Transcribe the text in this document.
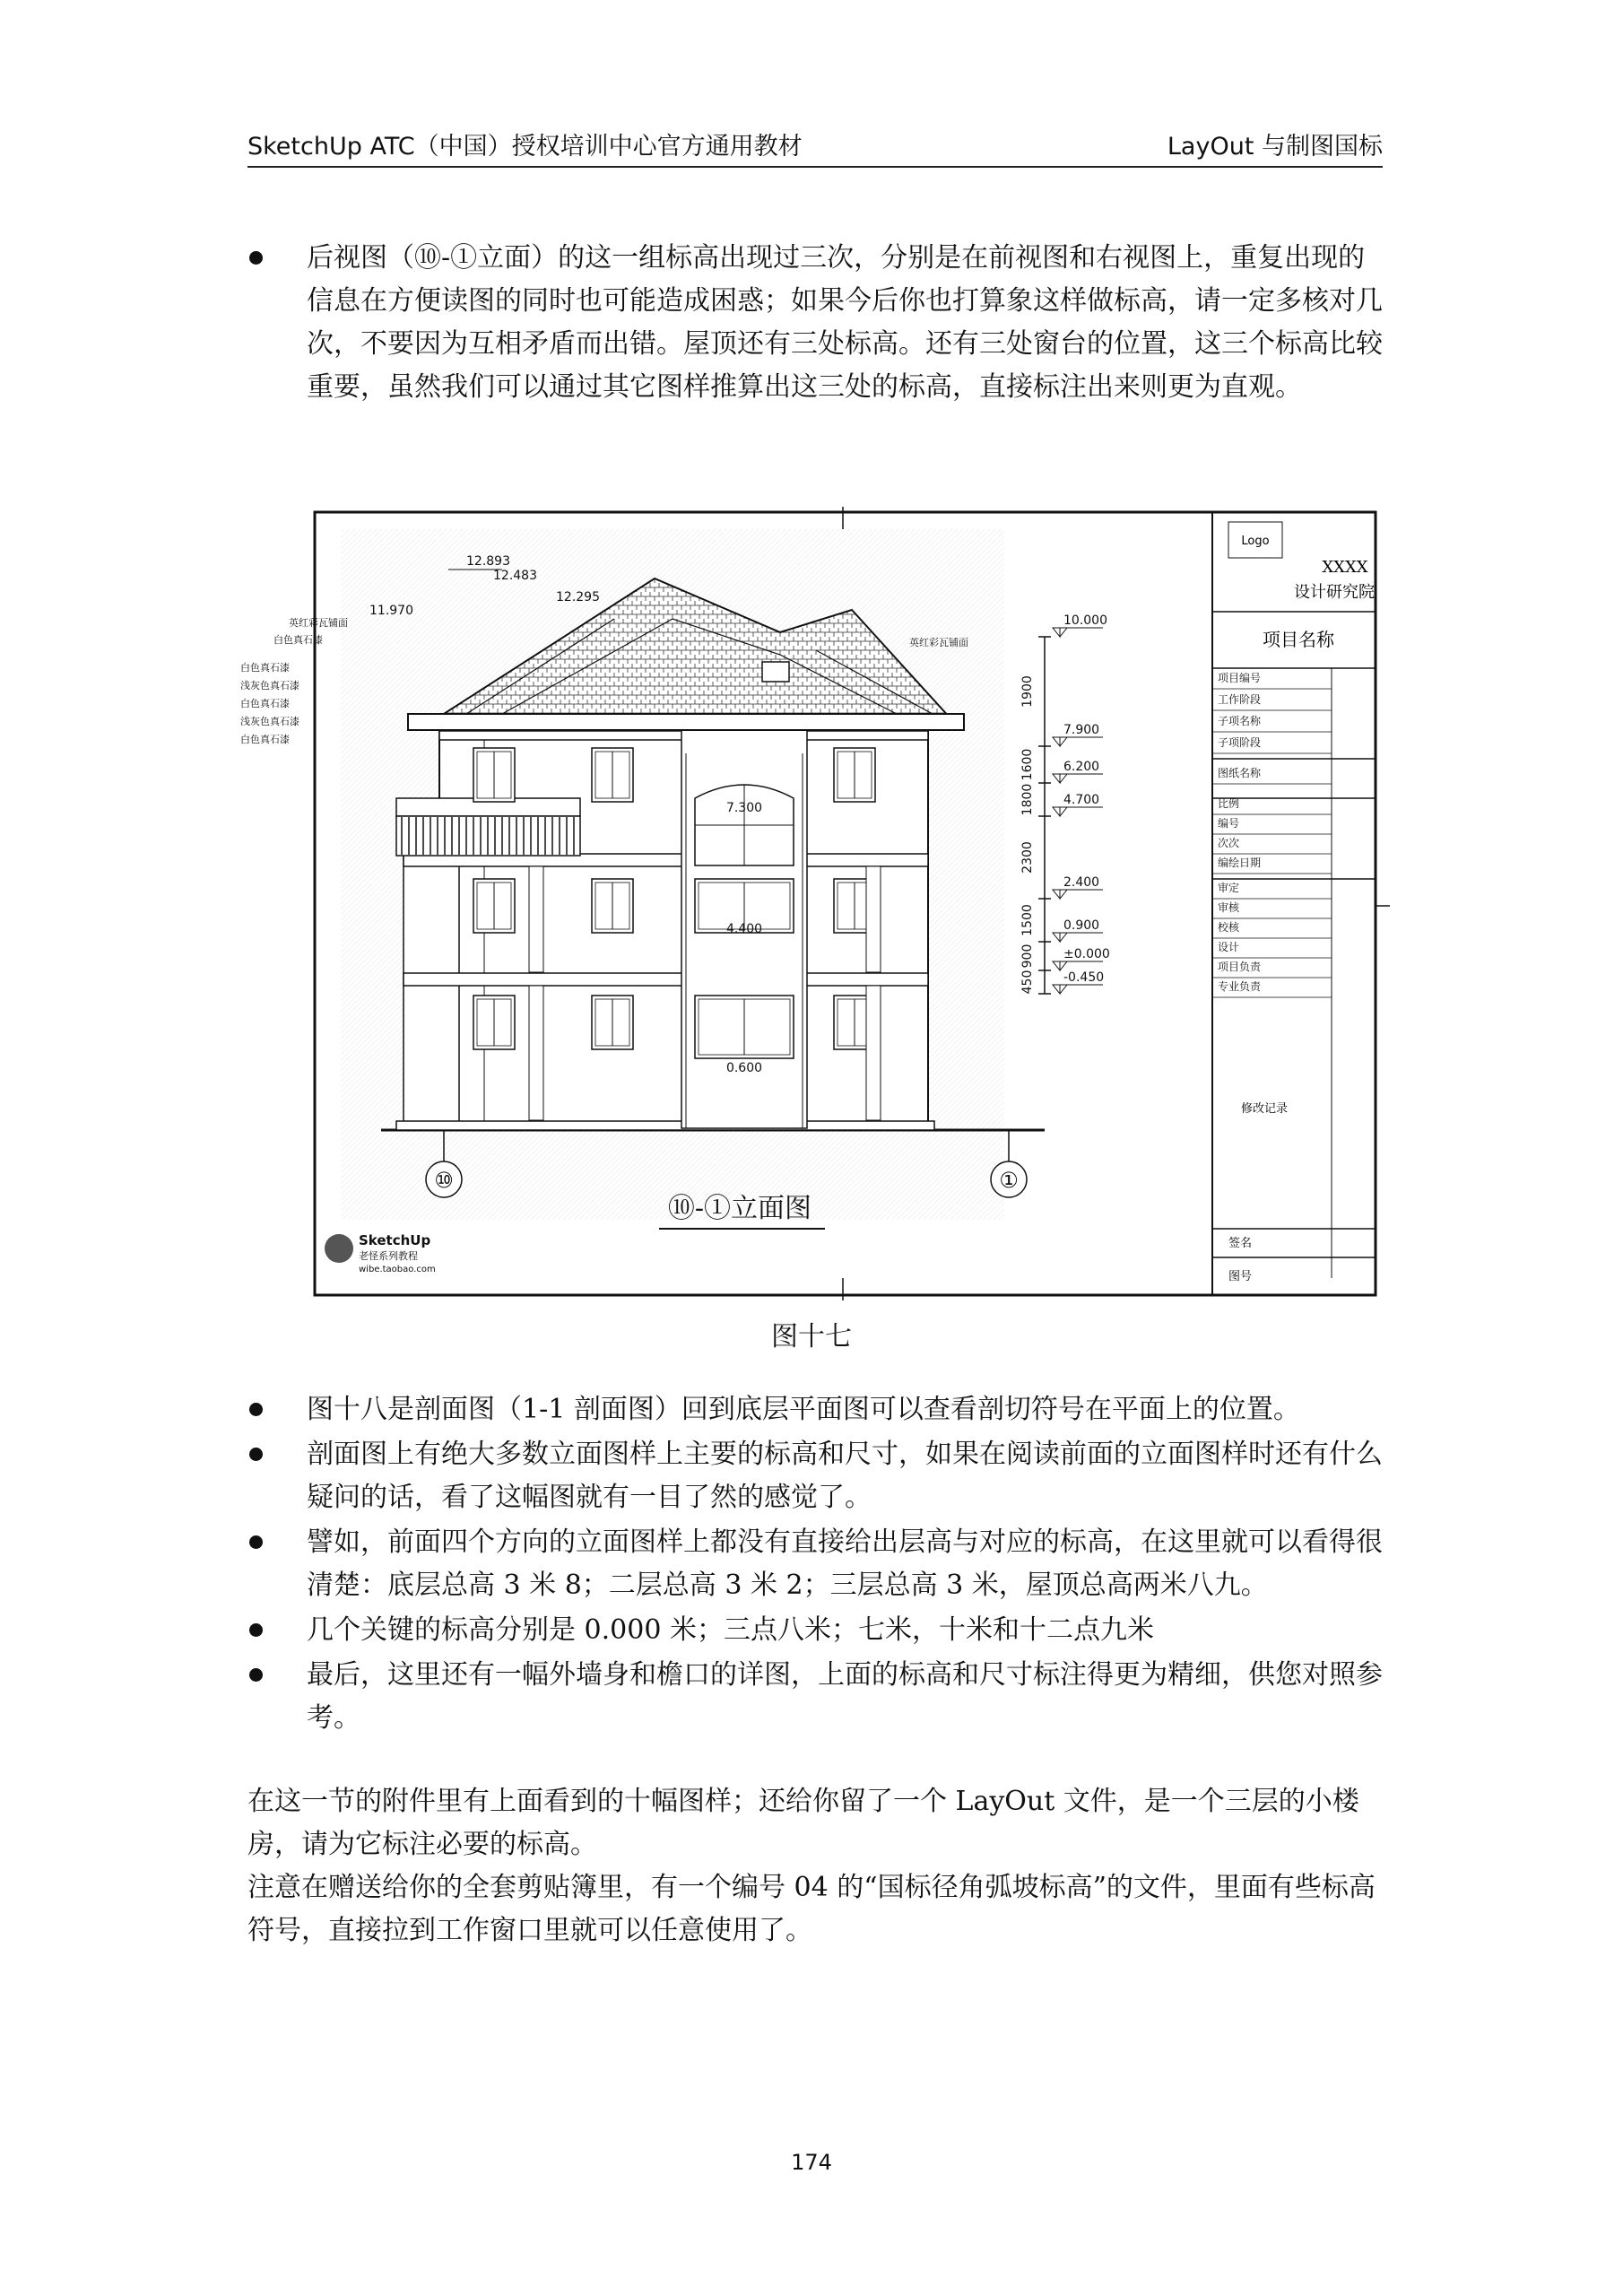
SketchUp ATC（中国）授权培训中心官方通用教材	LayOut 与制图国标
后视图（⑩-①立面）的这一组标高出现过三次，分别是在前视图和右视图上，重复出现的信息在方便读图的同时也可能造成困惑；如果今后你也打算象这样做标高，请一定多核对几次，不要因为互相矛盾而出错。屋顶还有三处标高。还有三处窗台的位置，这三个标高比较重要，虽然我们可以通过其它图样推算出这三处的标高，直接标注出来则更为直观。
Logo
XXXX
设计研究院
项目名称
项目编号
工作阶段
子项名称
子项阶段
图纸名称
比例
编号
次次
编绘日期
审定
审核
校核
设计
项目负责
专业负责
修改记录
签名
图号
12.893
12.483
12.295
11.970
英红彩瓦铺面
白色真石漆	英红彩瓦铺面
白色真石漆
浅灰色真石漆
白色真石漆
浅灰色真石漆
白色真石漆
7.300
4.400
0.600
10.000
7.900
6.200
4.700
2.400
0.900
±0.000
-0.450
1900
1600
1800
2300
1500
900
450
⑩	①
⑩-①立面图
SketchUp
老怪系列教程
wibe.taobao.com
图十七
图十八是剖面图（1-1 剖面图）回到底层平面图可以查看剖切符号在平面上的位置。
剖面图上有绝大多数立面图样上主要的标高和尺寸，如果在阅读前面的立面图样时还有什么疑问的话，看了这幅图就有一目了然的感觉了。
譬如，前面四个方向的立面图样上都没有直接给出层高与对应的标高，在这里就可以看得很清楚：底层总高 3 米 8；二层总高 3 米 2；三层总高 3 米，屋顶总高两米八九。
几个关键的标高分别是 0.000 米；三点八米；七米，十米和十二点九米
最后，这里还有一幅外墙身和檐口的详图，上面的标高和尺寸标注得更为精细，供您对照参考。

在这一节的附件里有上面看到的十幅图样；还给你留了一个 LayOut 文件，是一个三层的小楼房，请为它标注必要的标高。

注意在赠送给你的全套剪贴簿里，有一个编号 04 的“国标径角弧坡标高”的文件，里面有些标高符号，直接拉到工作窗口里就可以任意使用了。

174
